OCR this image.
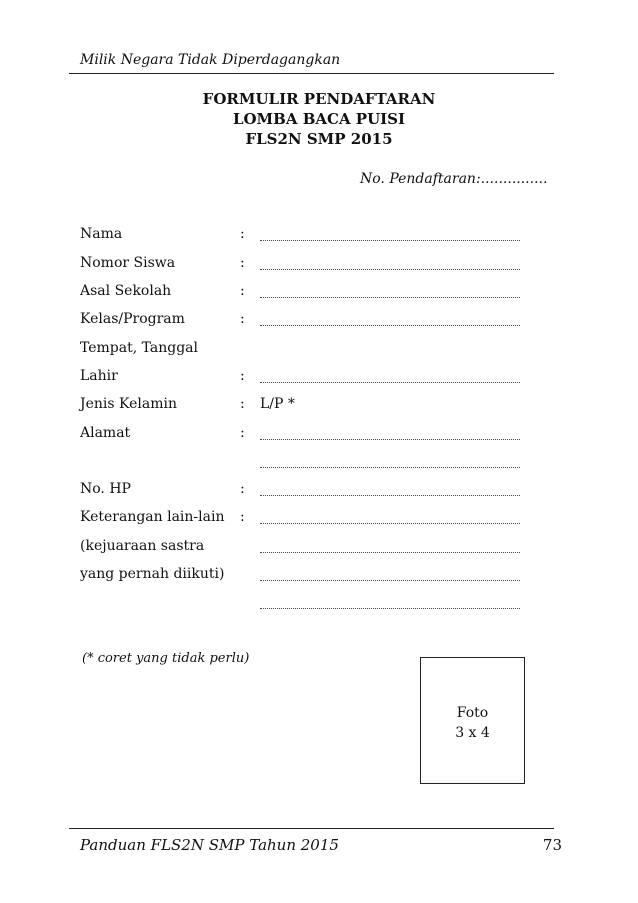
Milik Negara Tidak Diperdagangkan
FORMULIR PENDAFTARAN
LOMBA BACA PUISI
FLS2N SMP 2015
No. Pendaftaran:...............
Nama	:
Nomor Siswa	:
Asal Sekolah	:
Kelas/Program	:
Tempat, Tanggal
Lahir	:
Jenis Kelamin	: L/P *
Alamat	:
No. HP	:
Keterangan lain-lain :
(kejuaraan sastra
yang pernah diikuti)
(* coret yang tidak perlu)
Foto
3 x 4
Panduan FLS2N SMP Tahun 2015	73
